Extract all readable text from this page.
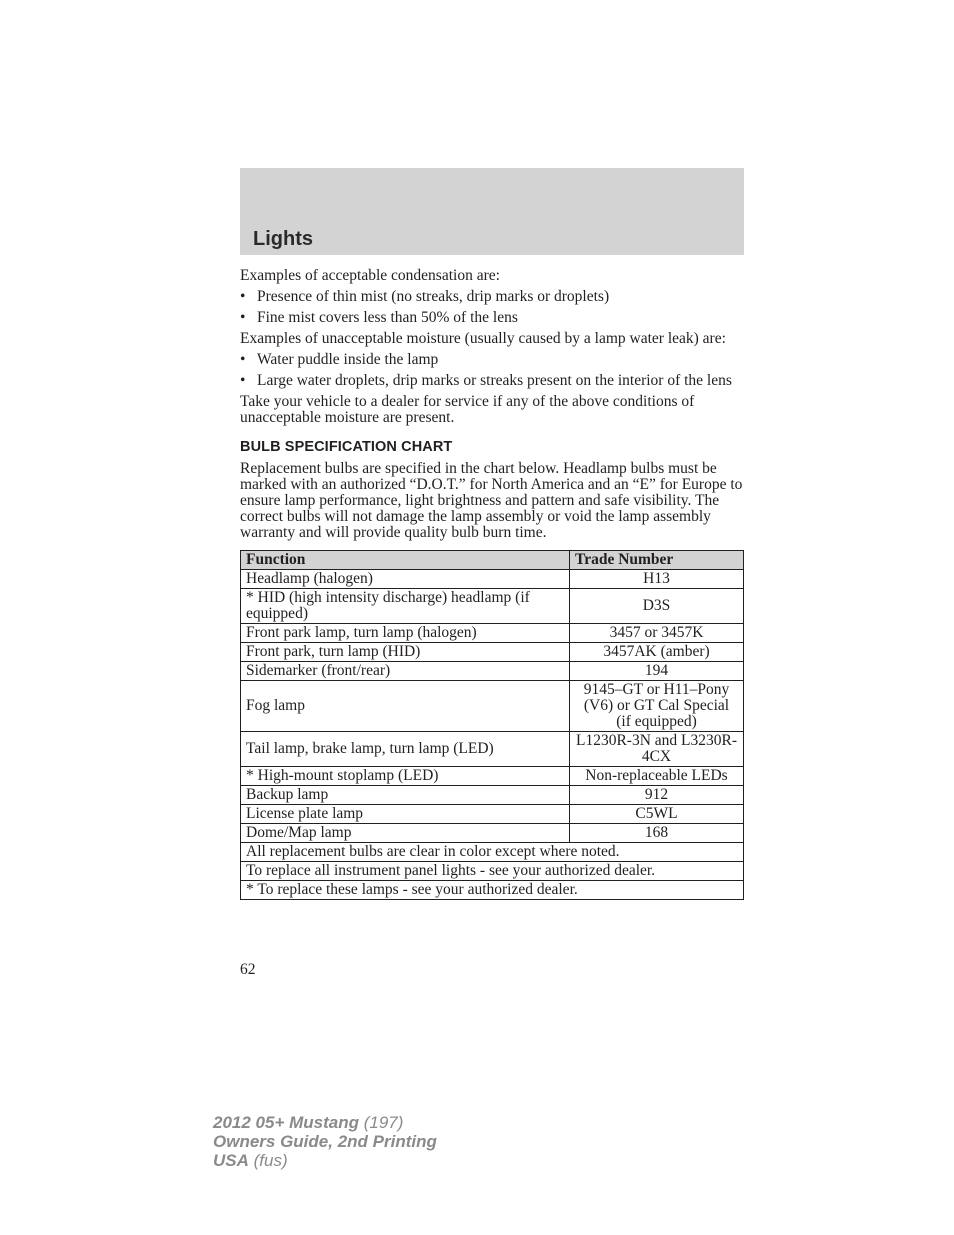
Lights

Examples of acceptable condensation are:

• Presence of thin mist (no streaks, drip marks or droplets)
• Fine mist covers less than 50% of the lens

Examples of unacceptable moisture (usually caused by a lamp water leak) are:

• Water puddle inside the lamp
• Large water droplets, drip marks or streaks present on the interior of the lens

Take your vehicle to a dealer for service if any of the above conditions of unacceptable moisture are present.

BULB SPECIFICATION CHART

Replacement bulbs are specified in the chart below. Headlamp bulbs must be marked with an authorized “D.O.T.” for North America and an “E” for Europe to ensure lamp performance, light brightness and pattern and safe visibility. The correct bulbs will not damage the lamp assembly or void the lamp assembly warranty and will provide quality bulb burn time.

Function	Trade Number
Headlamp (halogen)	H13
* HID (high intensity discharge) headlamp (if equipped)	D3S
Front park lamp, turn lamp (halogen)	3457 or 3457K
Front park, turn lamp (HID)	3457AK (amber)
Sidemarker (front/rear)	194
Fog lamp	9145–GT or H11–Pony (V6) or GT Cal Special (if equipped)
Tail lamp, brake lamp, turn lamp (LED)	L1230R-3N and L3230R-4CX
* High-mount stoplamp (LED)	Non-replaceable LEDs
Backup lamp	912
License plate lamp	C5WL
Dome/Map lamp	168
All replacement bulbs are clear in color except where noted.	
To replace all instrument panel lights - see your authorized dealer.	
* To replace these lamps - see your authorized dealer.	
62
2012 05+ Mustang (197)
Owners Guide, 2nd Printing
USA (fus)
